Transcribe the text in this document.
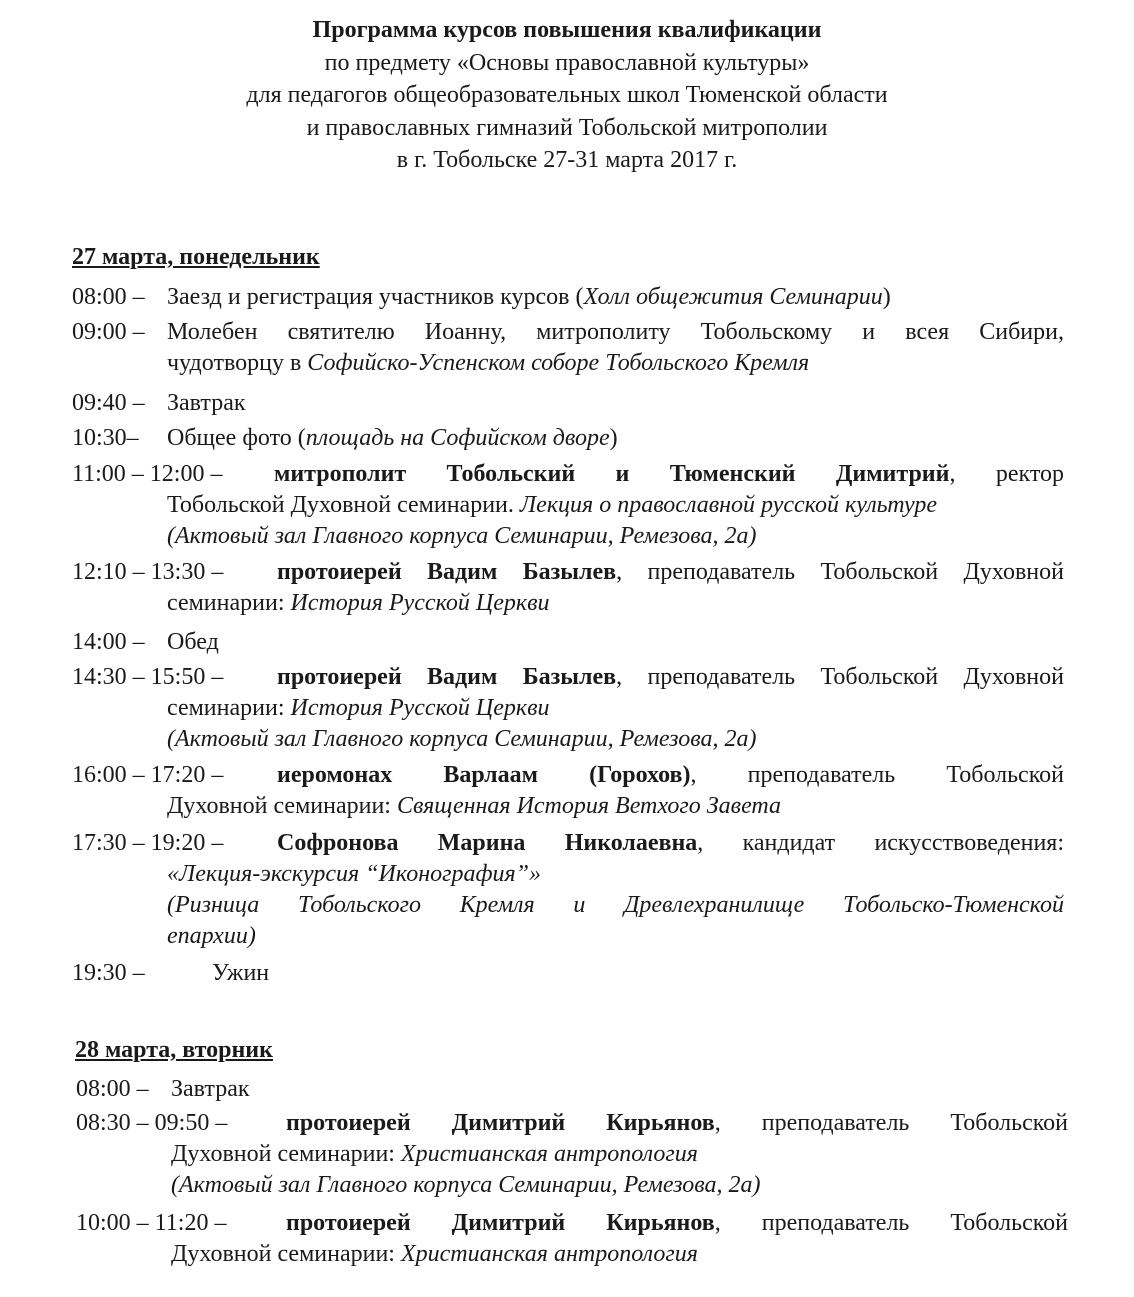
Программа курсов повышения квалификации
по предмету «Основы православной культуры»
для педагогов общеобразовательных школ Тюменской области
и православных гимназий Тобольской митрополии
в г. Тобольске 27-31 марта 2017 г.
27 марта, понедельник
08:00 – Заезд и регистрация участников курсов (Холл общежития Семинарии)
09:00 – Молебен святителю Иоанну, митрополиту Тобольскому и всея Сибири,
чудотворцу в Софийско-Успенском соборе Тобольского Кремля
09:40 – Завтрак
10:30– Общее фото (площадь на Софийском дворе)
11:00 – 12:00 – митрополит Тобольский и Тюменский Димитрий, ректор
Тобольской Духовной семинарии. Лекция о православной русской культуре
(Актовый зал Главного корпуса Семинарии, Ремезова, 2а)
12:10 – 13:30 – протоиерей Вадим Базылев, преподаватель Тобольской Духовной
семинарии: История Русской Церкви
14:00 – Обед
14:30 – 15:50 – протоиерей Вадим Базылев, преподаватель Тобольской Духовной
семинарии: История Русской Церкви
(Актовый зал Главного корпуса Семинарии, Ремезова, 2а)
16:00 – 17:20 – иеромонах Варлаам (Горохов), преподаватель Тобольской
Духовной семинарии: Священная История Ветхого Завета
17:30 – 19:20 – Софронова Марина Николаевна, кандидат искусствоведения:
«Лекция-экскурсия “Иконография”»
(Ризница Тобольского Кремля и Древлехранилище Тобольско-Тюменской
епархии)
19:30 –	Ужин
28 марта, вторник
08:00 – Завтрак
08:30 – 09:50 – протоиерей Димитрий Кирьянов, преподаватель Тобольской
Духовной семинарии: Христианская антропология
(Актовый зал Главного корпуса Семинарии, Ремезова, 2а)
10:00 – 11:20 – протоиерей Димитрий Кирьянов, преподаватель Тобольской
Духовной семинарии: Христианская антропология
